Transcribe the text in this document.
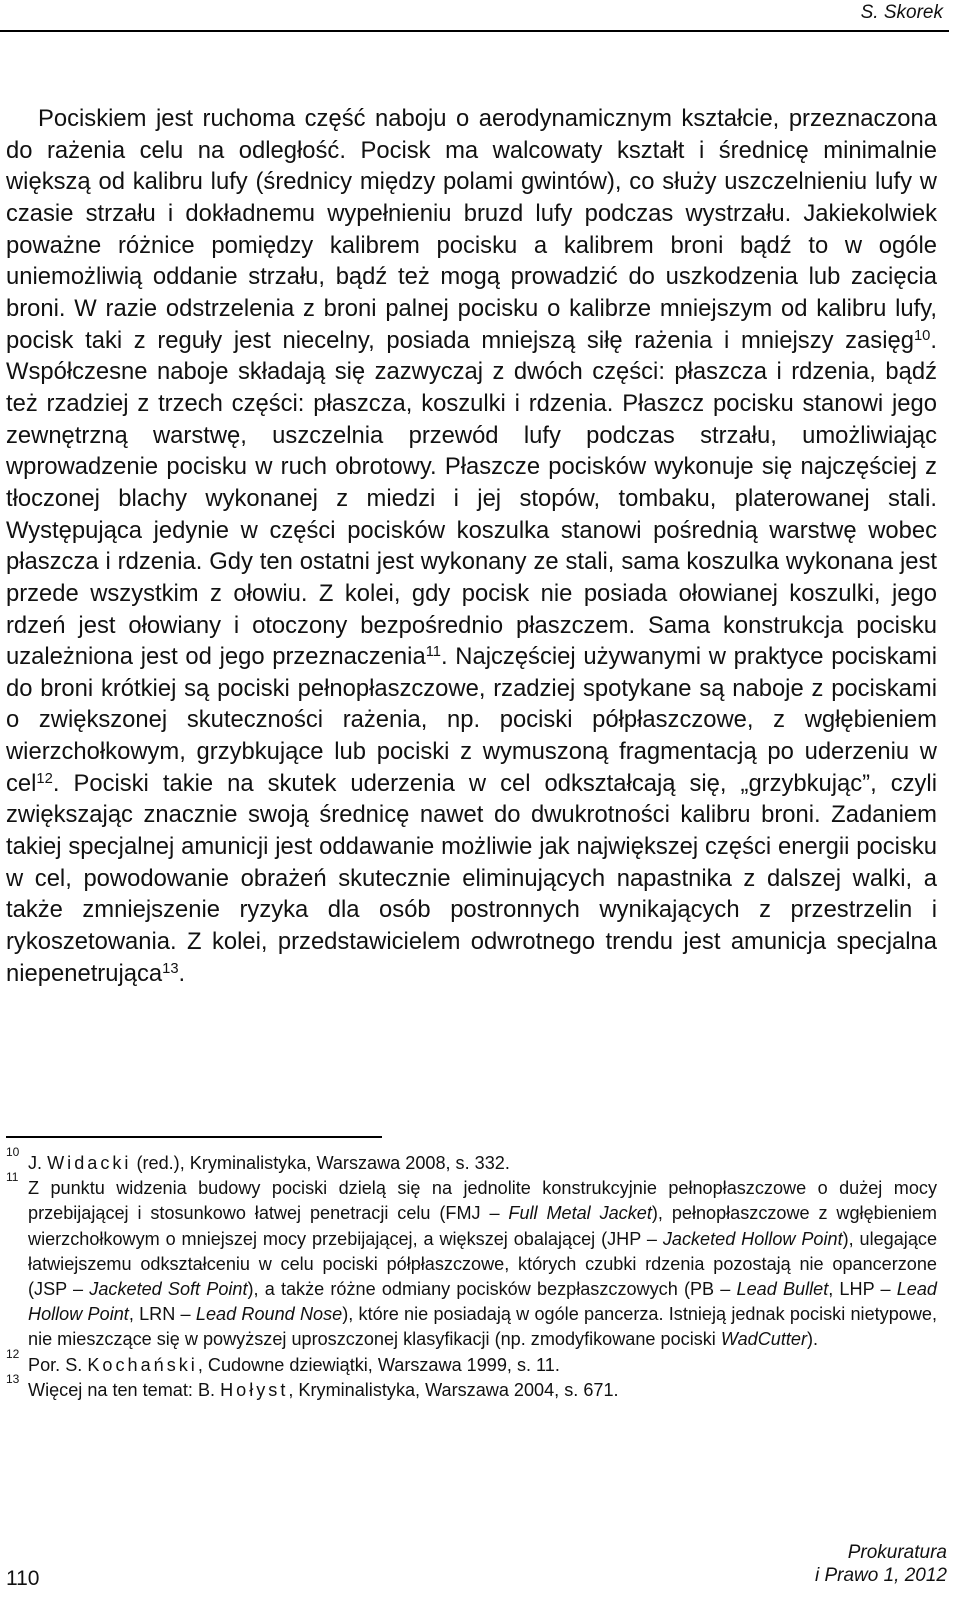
S. Skorek

Pociskiem jest ruchoma część naboju o aerodynamicznym kształcie, przeznaczona do rażenia celu na odległość. Pocisk ma walcowaty kształt i średnicę minimalnie większą od kalibru lufy (średnicy między polami gwintów), co służy uszczelnieniu lufy w czasie strzału i dokładnemu wypełnieniu bruzd lufy podczas wystrzału. Jakiekolwiek poważne różnice pomiędzy kalibrem pocisku a kalibrem broni bądź to w ogóle uniemożliwią oddanie strzału, bądź też mogą prowadzić do uszkodzenia lub zacięcia broni. W razie odstrzelenia z broni palnej pocisku o kalibrze mniejszym od kalibru lufy, pocisk taki z reguły jest niecelny, posiada mniejszą siłę rażenia i mniejszy zasięg$^{10}$. Współczesne naboje składają się zazwyczaj z dwóch części: płaszcza i rdzenia, bądź też rzadziej z trzech części: płaszcza, koszulki i rdzenia. Płaszcz pocisku stanowi jego zewnętrzną warstwę, uszczelnia przewód lufy podczas strzału, umożliwiając wprowadzenie pocisku w ruch obrotowy. Płaszcze pocisków wykonuje się najczęściej z tłoczonej blachy wykonanej z miedzi i jej stopów, tombaku, platerowanej stali. Występująca jedynie w części pocisków koszulka stanowi pośrednią warstwę wobec płaszcza i rdzenia. Gdy ten ostatni jest wykonany ze stali, sama koszulka wykonana jest przede wszystkim z ołowiu. Z kolei, gdy pocisk nie posiada ołowianej koszulki, jego rdzeń jest ołowiany i otoczony bezpośrednio płaszczem. Sama konstrukcja pocisku uzależniona jest od jego przeznaczenia$^{11}$. Najczęściej używanymi w praktyce pociskami do broni krótkiej są pociski pełnopłaszczowe, rzadziej spotykane są naboje z pociskami o zwiększonej skuteczności rażenia, np. pociski półpłaszczowe, z wgłębieniem wierzchołkowym, grzybkujące lub pociski z wymuszoną fragmentacją po uderzeniu w cel$^{12}$. Pociski takie na skutek uderzenia w cel odkształcają się, „grzybkując”, czyli zwiększając znacznie swoją średnicę nawet do dwukrotności kalibru broni. Zadaniem takiej specjalnej amunicji jest oddawanie możliwie jak największej części energii pocisku w cel, powodowanie obrażeń skutecznie eliminujących napastnika z dalszej walki, a także zmniejszenie ryzyka dla osób postronnych wynikających z przestrzelin i rykoszetowania. Z kolei, przedstawicielem odwrotnego trendu jest amunicja specjalna niepenetrująca$^{13}$.

10
J. Widacki (red.), Kryminalistyka, Warszawa 2008, s. 332.

11
Z punktu widzenia budowy pociski dzielą się na jednolite konstrukcyjnie pełnopłaszczowe o dużej mocy przebijającej i stosunkowo łatwej penetracji celu (FMJ – Full Metal Jacket), pełnopłaszczowe z wgłębieniem wierzchołkowym o mniejszej mocy przebijającej, a większej obalającej (JHP – Jacketed Hollow Point), ulegające łatwiejszemu odkształceniu w celu pociski półpłaszczowe, których czubki rdzenia pozostają nie opancerzone (JSP – Jacketed Soft Point), a także różne odmiany pocisków bezpłaszczowych (PB – Lead Bullet, LHP – Lead Hollow Point, LRN – Lead Round Nose), które nie posiadają w ogóle pancerza. Istnieją jednak pociski nietypowe, nie mieszczące się w powyższej uproszczonej klasyfikacji (np. zmodyfikowane pociski WadCutter).

12
Por. S. Kochański, Cudowne dziewiątki, Warszawa 1999, s. 11.

13
Więcej na ten temat: B. Hołyst, Kryminalistyka, Warszawa 2004, s. 671.

110
Prokuratura
i Prawo 1, 2012
